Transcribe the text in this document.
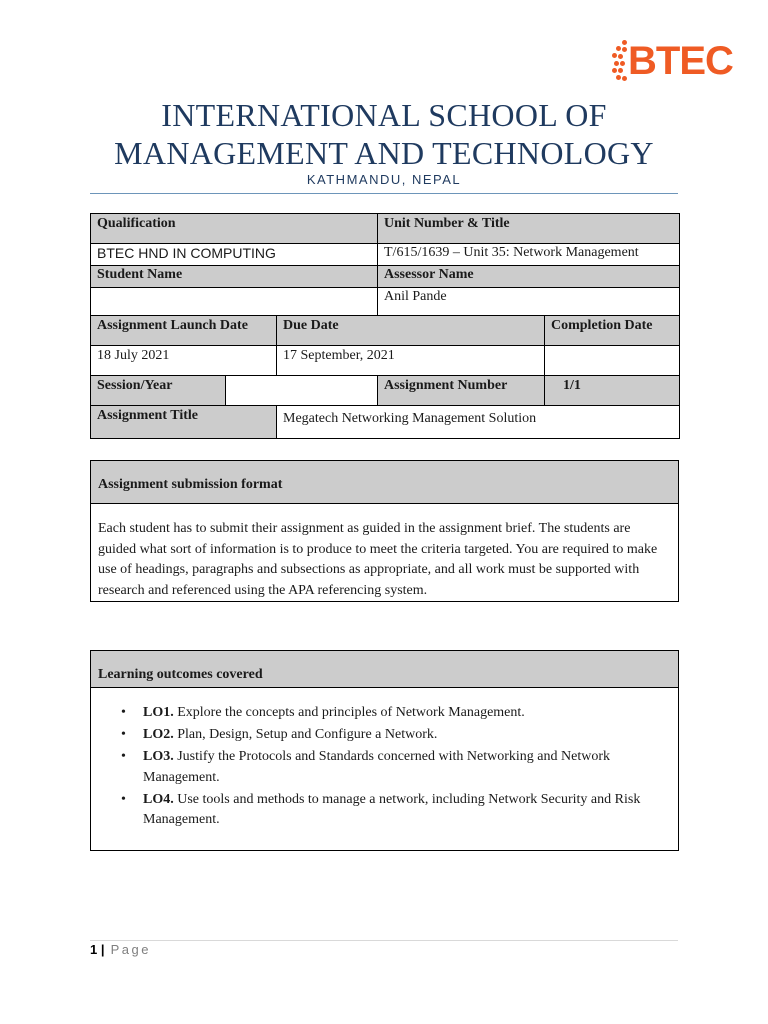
BTEC
INTERNATIONAL SCHOOL OF
MANAGEMENT AND TECHNOLOGY
KATHMANDU, NEPAL
Qualification			Unit Number & Title	
BTEC HND IN COMPUTING			T/615/1639 – Unit 35: Network Management	
Student Name			Assessor Name	
			Anil Pande	
Assignment Launch Date		Due Date		Completion Date
18 July 2021		17 September, 2021		
Session/Year			Assignment Number	1/1
Assignment Title		Megatech Networking Management Solution		
Assignment submission format
Each student has to submit their assignment as guided in the assignment brief. The students are guided what sort of information is to produce to meet the criteria targeted. You are required to make use of headings, paragraphs and subsections as appropriate, and all work must be supported with research and referenced using the APA referencing system.
Learning outcomes covered
• LO1. Explore the concepts and principles of Network Management.
• LO2. Plan, Design, Setup and Configure a Network.
• LO3. Justify the Protocols and Standards concerned with Networking and Network Management.
• LO4. Use tools and methods to manage a network, including Network Security and Risk Management.
1 | Page
